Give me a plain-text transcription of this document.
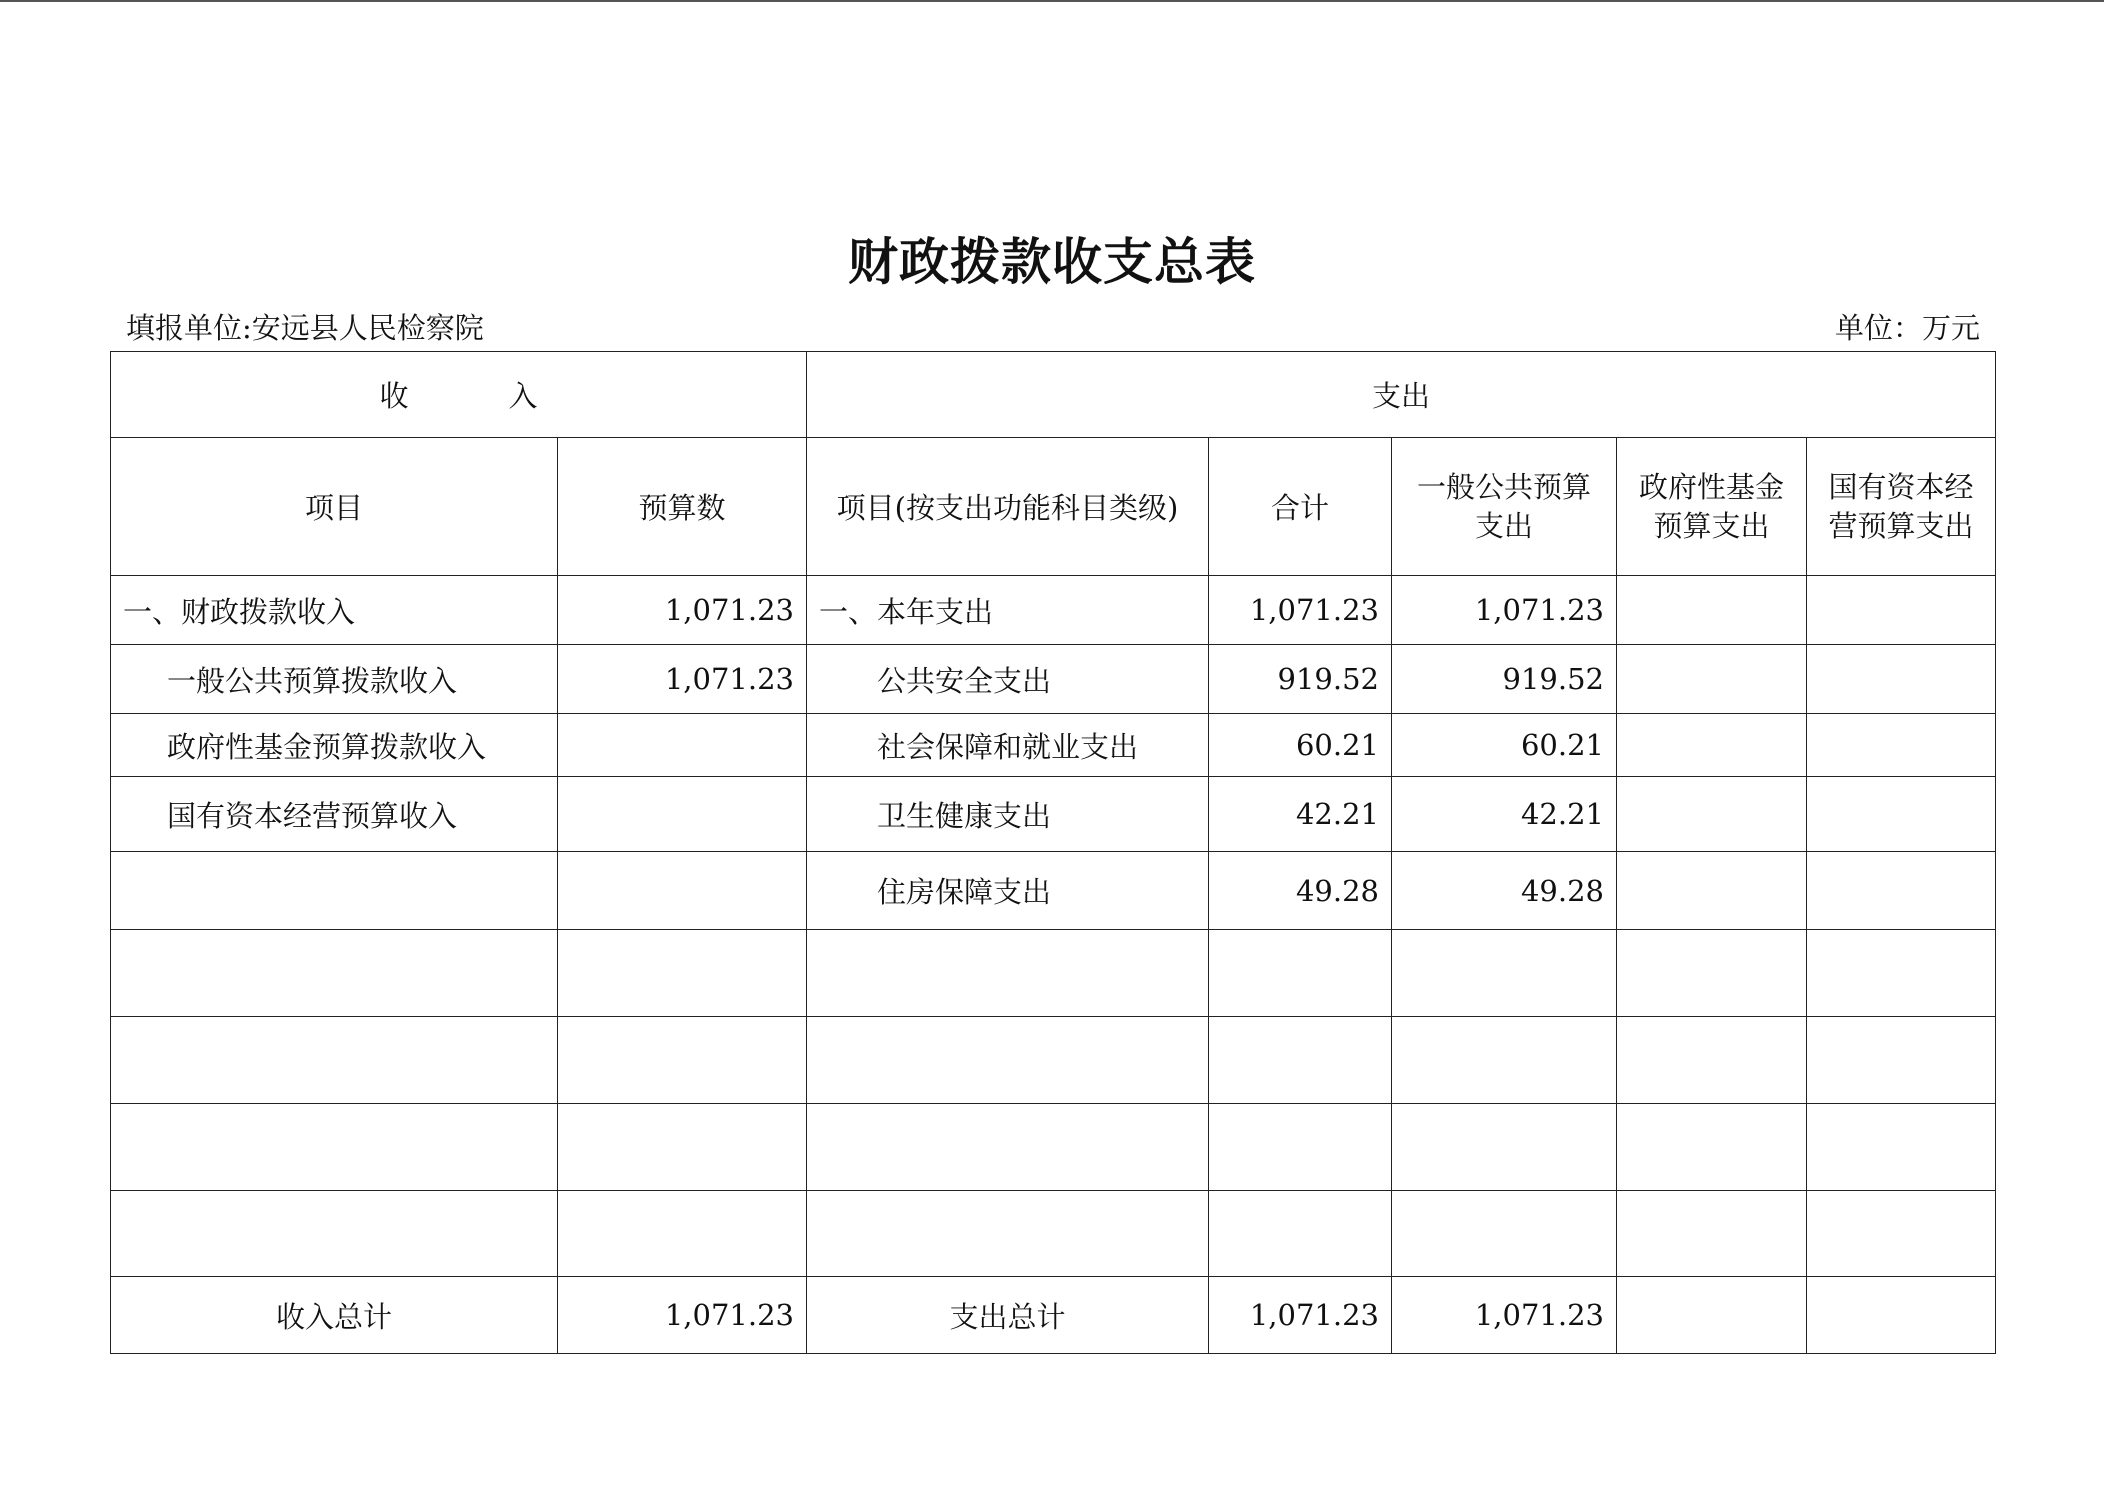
财政拨款收支总表
填报单位:安远县人民检察院	单位：万元
收 入		支出				
项目	预算数	项目(按支出功能科目类级)	合计	一般公共预算支出	政府性基金预算支出	国有资本经营预算支出
一、财政拨款收入	1,071.23	一、本年支出	1,071.23	1,071.23		
一般公共预算拨款收入	1,071.23	公共安全支出	919.52	919.52		
政府性基金预算拨款收入		社会保障和就业支出	60.21	60.21		
国有资本经营预算收入		卫生健康支出	42.21	42.21		
		住房保障支出	49.28	49.28		

收入总计	1,071.23	支出总计	1,071.23	1,071.23		
